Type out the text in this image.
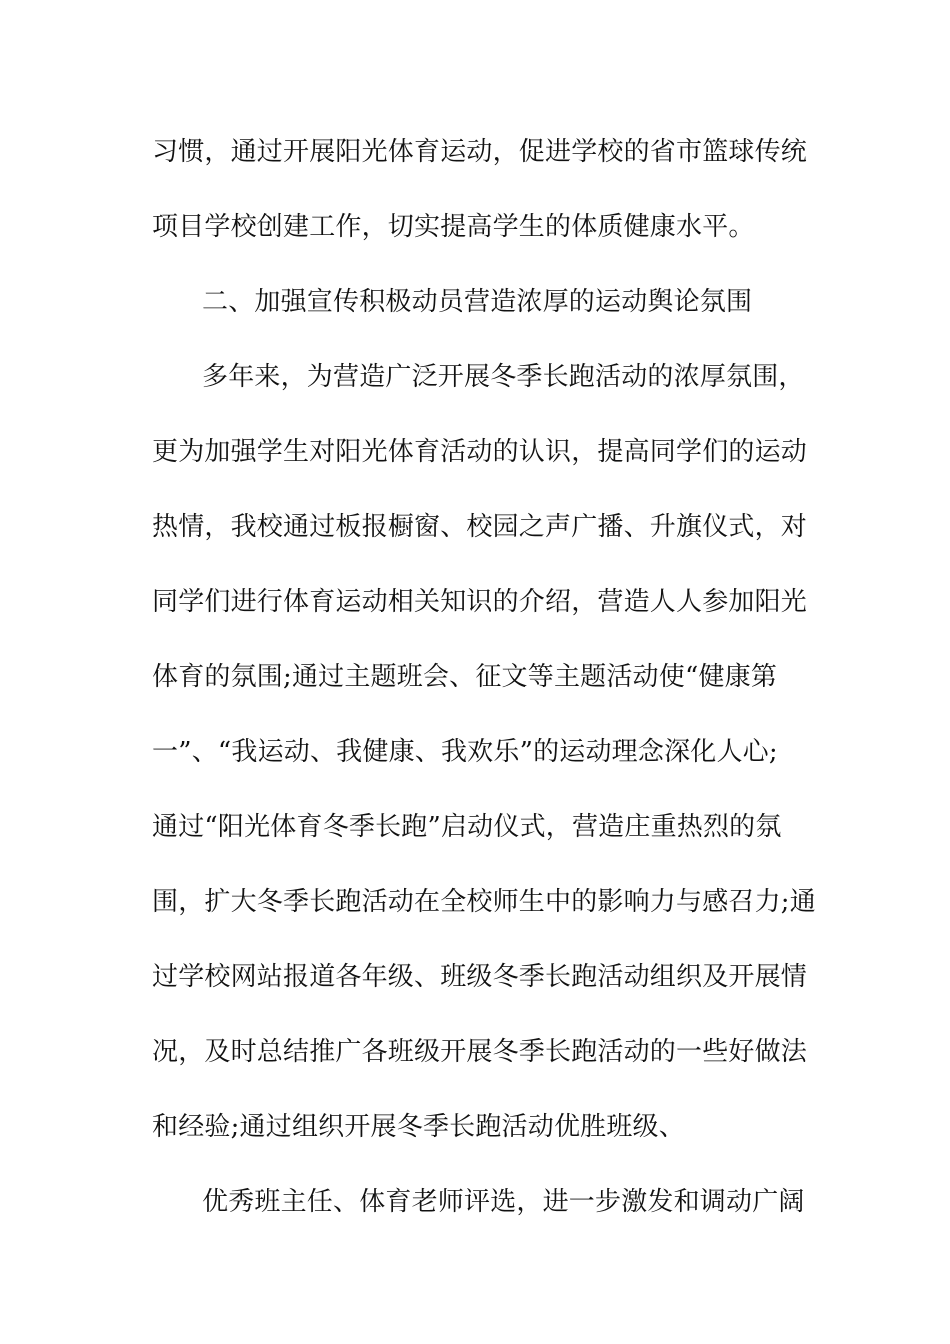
习惯，通过开展阳光体育运动，促进学校的省市篮球传统
项目学校创建工作，切实提高学生的体质健康水平。
二、加强宣传积极动员营造浓厚的运动舆论氛围
多年来，为营造广泛开展冬季长跑活动的浓厚氛围，
更为加强学生对阳光体育活动的认识，提高同学们的运动
热情，我校通过板报橱窗、校园之声广播、升旗仪式，对
同学们进行体育运动相关知识的介绍，营造人人参加阳光
体育的氛围;通过主题班会、征文等主题活动使“健康第
一”、“我运动、我健康、我欢乐”的运动理念深化人心;
通过“阳光体育冬季长跑”启动仪式，营造庄重热烈的氛
围，扩大冬季长跑活动在全校师生中的影响力与感召力;通
过学校网站报道各年级、班级冬季长跑活动组织及开展情
况，及时总结推广各班级开展冬季长跑活动的一些好做法
和经验;通过组织开展冬季长跑活动优胜班级、
优秀班主任、体育老师评选，进一步激发和调动广阔
